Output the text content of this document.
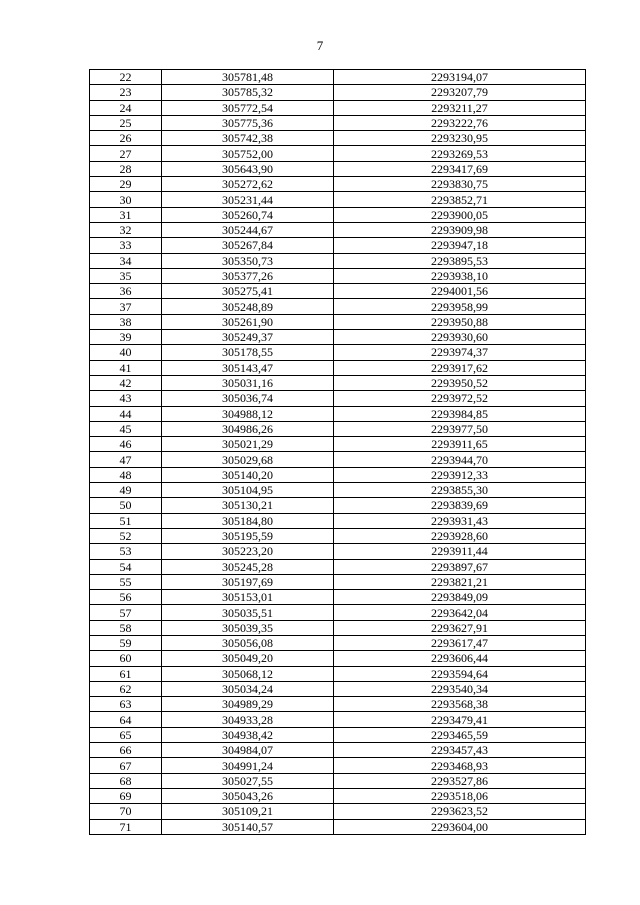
7
22	305781,48	2293194,07
23	305785,32	2293207,79
24	305772,54	2293211,27
25	305775,36	2293222,76
26	305742,38	2293230,95
27	305752,00	2293269,53
28	305643,90	2293417,69
29	305272,62	2293830,75
30	305231,44	2293852,71
31	305260,74	2293900,05
32	305244,67	2293909,98
33	305267,84	2293947,18
34	305350,73	2293895,53
35	305377,26	2293938,10
36	305275,41	2294001,56
37	305248,89	2293958,99
38	305261,90	2293950,88
39	305249,37	2293930,60
40	305178,55	2293974,37
41	305143,47	2293917,62
42	305031,16	2293950,52
43	305036,74	2293972,52
44	304988,12	2293984,85
45	304986,26	2293977,50
46	305021,29	2293911,65
47	305029,68	2293944,70
48	305140,20	2293912,33
49	305104,95	2293855,30
50	305130,21	2293839,69
51	305184,80	2293931,43
52	305195,59	2293928,60
53	305223,20	2293911,44
54	305245,28	2293897,67
55	305197,69	2293821,21
56	305153,01	2293849,09
57	305035,51	2293642,04
58	305039,35	2293627,91
59	305056,08	2293617,47
60	305049,20	2293606,44
61	305068,12	2293594,64
62	305034,24	2293540,34
63	304989,29	2293568,38
64	304933,28	2293479,41
65	304938,42	2293465,59
66	304984,07	2293457,43
67	304991,24	2293468,93
68	305027,55	2293527,86
69	305043,26	2293518,06
70	305109,21	2293623,52
71	305140,57	2293604,00
